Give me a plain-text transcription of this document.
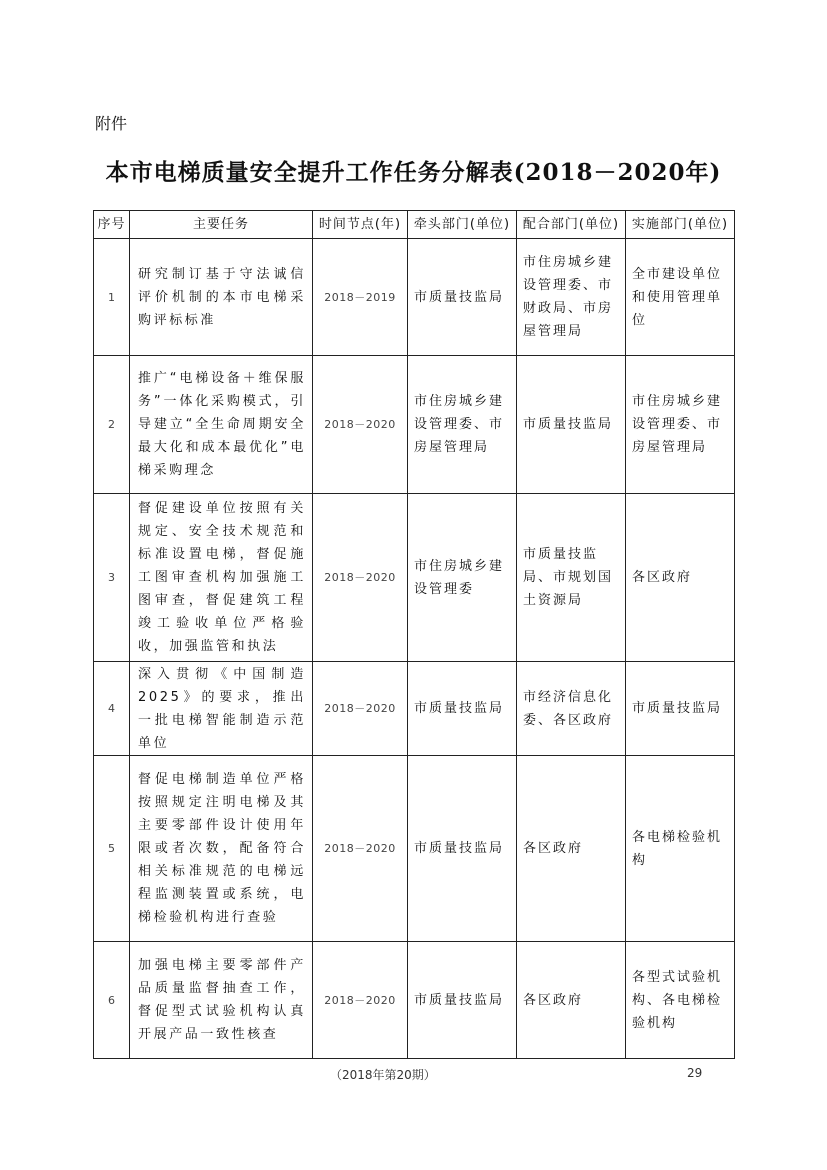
附件
本市电梯质量安全提升工作任务分解表(2018－2020年)
序号	主要任务	时间节点(年)	牵头部门(单位)	配合部门(单位)	实施部门(单位)
1	研究制订基于守法诚信评价机制的本市电梯采购评标标准	2018－2019	市质量技监局	市住房城乡建设管理委、市财政局、市房屋管理局	全市建设单位和使用管理单位
2	推广“电梯设备＋维保服务”一体化采购模式，引导建立“全生命周期安全最大化和成本最优化”电梯采购理念	2018－2020	市住房城乡建设管理委、市房屋管理局	市质量技监局	市住房城乡建设管理委、市房屋管理局
3	督促建设单位按照有关规定、安全技术规范和标准设置电梯，督促施工图审查机构加强施工图审查，督促建筑工程竣工验收单位严格验收，加强监管和执法	2018－2020	市住房城乡建设管理委	市质量技监局、市规划国土资源局	各区政府
4	深入贯彻《中国制造2025》的要求，推出一批电梯智能制造示范单位	2018－2020	市质量技监局	市经济信息化委、各区政府	市质量技监局
5	督促电梯制造单位严格按照规定注明电梯及其主要零部件设计使用年限或者次数，配备符合相关标准规范的电梯远程监测装置或系统，电梯检验机构进行查验	2018－2020	市质量技监局	各区政府	各电梯检验机构
6	加强电梯主要零部件产品质量监督抽查工作，督促型式试验机构认真开展产品一致性核查	2018－2020	市质量技监局	各区政府	各型式试验机构、各电梯检验机构
（2018年第20期）	29
